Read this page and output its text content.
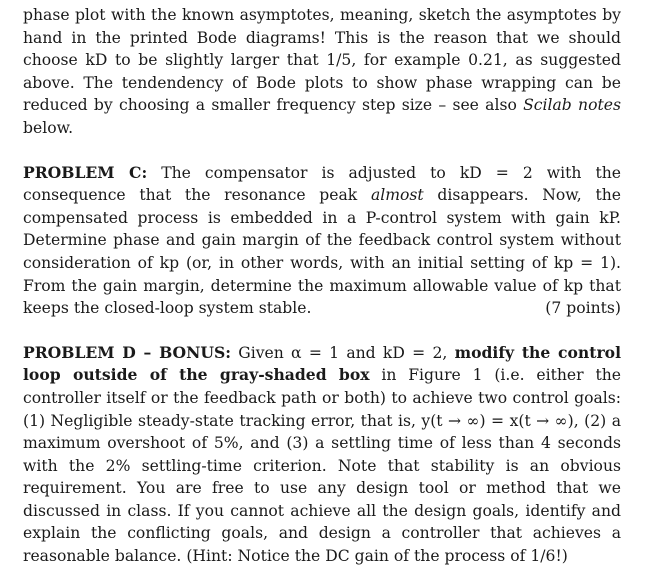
phase plot with the known asymptotes, meaning, sketch the asymptotes by hand in the printed Bode diagrams! This is the reason that we should choose kD to be slightly larger that 1/5, for example 0.21, as suggested above. The tendendency of Bode plots to show phase wrapping can be reduced by choosing a smaller frequency step size – see also Scilab notes below.

PROBLEM C: The compensator is adjusted to kD = 2 with the consequence that the resonance peak almost disappears. Now, the compensated process is embedded in a P-control system with gain kP. Determine phase and gain margin of the feedback control system without consideration of kp (or, in other words, with an initial setting of kp = 1). From the gain margin, determine the maximum allowable value of kp that keeps the closed-loop system stable.	(7 points)

PROBLEM D – BONUS: Given α = 1 and kD = 2, modify the control loop outside of the gray-shaded box in Figure 1 (i.e. either the controller itself or the feedback path or both) to achieve two control goals: (1) Negligible steady-state tracking error, that is, y(t → ∞) = x(t → ∞), (2) a maximum overshoot of 5%, and (3) a settling time of less than 4 seconds with the 2% settling-time criterion. Note that stability is an obvious requirement. You are free to use any design tool or method that we discussed in class. If you cannot achieve all the design goals, identify and explain the conflicting goals, and design a controller that achieves a reasonable balance. (Hint: Notice the DC gain of the process of 1/6!)
